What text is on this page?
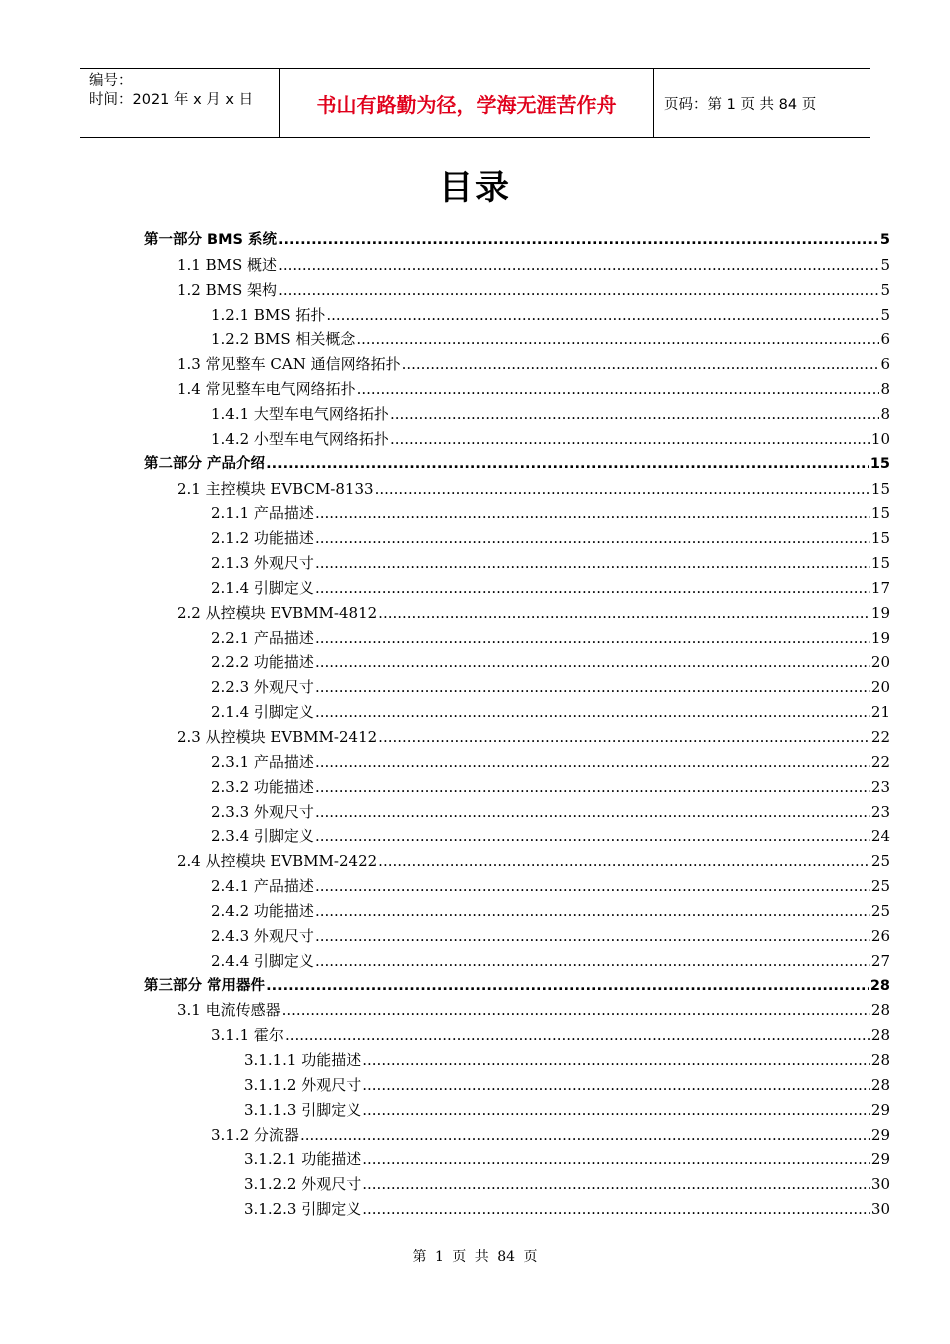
编号：
时间：2021 年 x 月 x 日	书山有路勤为径，学海无涯苦作舟	页码：第 1 页 共 84 页
目录
第一部分 BMS 系统 .....	5
1.1 BMS 概述 .....	5
1.2 BMS 架构 .....	5
1.2.1 BMS 拓扑 .....	5
1.2.2 BMS 相关概念 .....	6
1.3 常见整车 CAN 通信网络拓扑 .....	6
1.4 常见整车电气网络拓扑 .....	8
1.4.1 大型车电气网络拓扑 .....	8
1.4.2 小型车电气网络拓扑 .....	10
第二部分 产品介绍 .....	15
2.1 主控模块 EVBCM-8133 .....	15
2.1.1 产品描述 .....	15
2.1.2 功能描述 .....	15
2.1.3 外观尺寸 .....	15
2.1.4 引脚定义 .....	17
2.2 从控模块 EVBMM-4812 .....	19
2.2.1 产品描述 .....	19
2.2.2 功能描述 .....	20
2.2.3 外观尺寸 .....	20
2.1.4 引脚定义 .....	21
2.3 从控模块 EVBMM-2412 .....	22
2.3.1 产品描述 .....	22
2.3.2 功能描述 .....	23
2.3.3 外观尺寸 .....	23
2.3.4 引脚定义 .....	24
2.4 从控模块 EVBMM-2422 .....	25
2.4.1 产品描述 .....	25
2.4.2 功能描述 .....	25
2.4.3 外观尺寸 .....	26
2.4.4 引脚定义 .....	27
第三部分 常用器件 .....	28
3.1 电流传感器 .....	28
3.1.1 霍尔 .....	28
3.1.1.1 功能描述 .....	28
3.1.1.2 外观尺寸 .....	28
3.1.1.3 引脚定义 .....	29
3.1.2 分流器 .....	29
3.1.2.1 功能描述 .....	29
3.1.2.2 外观尺寸 .....	30
3.1.2.3 引脚定义 .....	30
第 1 页 共 84 页
